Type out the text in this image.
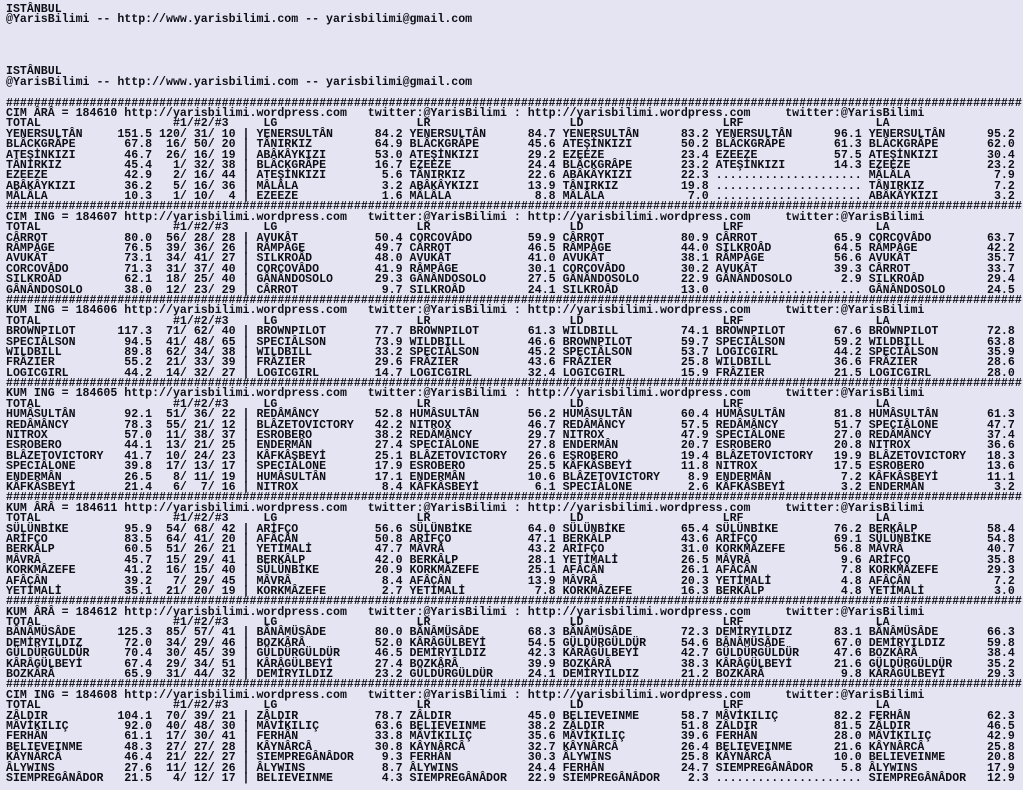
ISTÂNBUL
@YarisBilimi -- http://www.yarisbilimi.com -- yarisbilimi@gmail.com
ISTÂNBUL
@YarisBilimi -- http://www.yarisbilimi.com -- yarisbilimi@gmail.com
##################################################################################################################################################
CIM ÂRÂ = 184610 http://yarisbilimi.wordpress.com   twitter:@YarisBilimi : http://yarisbilimi.wordpress.com     twitter:@YarisBilimi
TOTAL                   #1/#2/#3     LG                    LR                    LD                    LRF                   LA
YENERSULTÂN     151.5 120/ 31/ 10 | YENERSULTÂN      84.2 YENERSULTÂN      84.7 YENERSULTÂN      83.2 YENERSULTÂN      96.1 YENERSULTÂN      95.2
BLÂCKGRÂPE       67.8  16/ 50/ 20 | TÂNIRKIZ         64.9 BLÂCKGRÂPE       45.6 ATEŞİNKIZI       50.2 BLÂCKGRÂPE       61.3 BLÂCKGRÂPE       62.0
ATEŞİNKIZI       46.7  26/ 16/ 19 | ABÂKÂYKIZI       53.0 ATEŞİNKIZI       29.2 EZEEZE           23.4 EZEEZE           57.5 ATEŞİNKIZI       30.4
TÂNIRKIZ         45.4   1/ 32/ 38 | BLÂCKGRÂPE       16.7 EZEEZE           24.4 BLÂCKGRÂPE       23.2 ATEŞİNKIZI       14.3 EZEEZE           23.2
EZEEZE           42.9   2/ 16/ 44 | ATEŞİNKIZI        5.6 TÂNIRKIZ         22.6 ABÂKÂYKIZI       22.3 ..................... MÂLÂLA            7.9
ABÂKÂYKIZI       36.2   5/ 16/ 36 | MÂLÂLA            3.2 ABÂKÂYKIZI       13.9 TÂNIRKIZ         19.8 ..................... TÂNIRKIZ          7.2
MÂLÂLA           10.3   1/ 10/  4 | EZEEZE            1.6 MÂLÂLA            8.8 MÂLÂLA            7.0 ..................... ABÂKÂYKIZI        3.2
##################################################################################################################################################
CIM ING = 184607 http://yarisbilimi.wordpress.com   twitter:@YarisBilimi : http://yarisbilimi.wordpress.com     twitter:@YarisBilimi
TOTAL                   #1/#2/#3     LG                    LR                    LD                    LRF                   LA
CÂRROT           80.0  56/ 28/ 28 | AVUKÂT           50.4 CORCOVÂDO        59.9 CÂRROT           80.9 CÂRROT           65.9 CORCOVÂDO        63.7
RÂMPÂGE          76.5  39/ 36/ 26 | RÂMPÂGE          49.7 CÂRROT           46.5 RÂMPÂGE          44.0 SILKROÂD         64.5 RÂMPÂGE          42.2
AVUKÂT           73.1  34/ 41/ 27 | SILKROÂD         48.0 AVUKÂT           41.0 AVUKÂT           38.1 RÂMPÂGE          56.6 AVUKÂT           35.7
CORCOVÂDO        71.3  31/ 37/ 40 | CORCOVÂDO        41.9 RÂMPÂGE          30.1 CORCOVÂDO        30.2 AVUKÂT           39.3 CÂRROT           33.7
SILKROÂD         62.1  18/ 25/ 40 | GÂNÂNDOSOLO      29.3 GÂNÂNDOSOLO      27.5 GÂNÂNDOSOLO      22.9 GÂNÂNDOSOLO       2.9 SILKROÂD         29.4
GÂNÂNDOSOLO      38.0  12/ 23/ 29 | CÂRROT            9.7 SILKROÂD         24.1 SILKROÂD         13.0 ..................... GÂNÂNDOSOLO      24.5
##################################################################################################################################################
KUM ING = 184606 http://yarisbilimi.wordpress.com   twitter:@YarisBilimi : http://yarisbilimi.wordpress.com     twitter:@YarisBilimi
TOTAL                   #1/#2/#3     LG                    LR                    LD                    LRF                   LA
BROWNPILOT      117.3  71/ 62/ 40 | BROWNPILOT       77.7 BROWNPILOT       61.3 WILDBILL         74.1 BROWNPILOT       67.6 BROWNPILOT       72.8
SPECIÂLSON       94.5  41/ 48/ 65 | SPECIÂLSON       73.9 WILDBILL         46.6 BROWNPILOT       59.7 SPECIÂLSON       59.2 WILDBILL         63.8
WILDBILL         89.8  62/ 34/ 38 | WILDBILL         33.2 SPECIÂLSON       45.2 SPECIÂLSON       53.7 LOGICGIRL        44.2 SPECIÂLSON       35.9
FRÂZIER          55.2  21/ 33/ 39 | FRÂZIER          29.6 FRÂZIER          43.6 FRÂZIER          25.8 WILDBILL         36.6 FRÂZIER          28.6
LOGICGIRL        44.2  14/ 32/ 27 | LOGICGIRL        14.7 LOGICGIRL        32.4 LOGICGIRL        15.9 FRÂZIER          21.5 LOGICGIRL        28.0
##################################################################################################################################################
KUM ING = 184605 http://yarisbilimi.wordpress.com   twitter:@YarisBilimi : http://yarisbilimi.wordpress.com     twitter:@YarisBilimi
TOTAL                   #1/#2/#3     LG                    LR                    LD                    LRF                   LA
HUMÂSULTÂN       92.1  51/ 36/ 22 | REDÂMÂNCY        52.8 HUMÂSULTÂN       56.2 HUMÂSULTÂN       60.4 HUMÂSULTÂN       81.8 HUMÂSULTÂN       61.3
REDÂMÂNCY        78.3  55/ 21/ 12 | BLÂZETOVICTORY   42.2 NITROX           46.7 REDÂMÂNCY        57.5 REDÂMÂNCY        51.7 SPECIÂLONE       47.7
NITROX           57.0  11/ 38/ 37 | ESROBERO         38.2 REDÂMÂNCY        29.7 NITROX           47.9 SPECIÂLONE       27.0 REDÂMÂNCY        37.4
ESROBERO         44.1  13/ 21/ 25 | ENDERMÂN         27.4 SPECIÂLONE       27.8 ENDERMÂN         20.7 ESROBERO         20.8 NITROX           36.6
BLÂZETOVICTORY   41.7  10/ 24/ 23 | KÂFKÂSBEYİ       25.1 BLÂZETOVICTORY   26.6 ESROBERO         19.4 BLÂZETOVICTORY   19.9 BLÂZETOVICTORY   18.3
SPECIÂLONE       39.8  17/ 13/ 17 | SPECIÂLONE       17.9 ESROBERO         25.5 KÂFKÂSBEYİ       11.8 NITROX           17.5 ESROBERO         13.6
ENDERMÂN         26.5   8/ 11/ 19 | HUMÂSULTÂN       17.1 ENDERMÂN         10.6 BLÂZETOVICTORY    8.9 ENDERMÂN          7.2 KÂFKÂSBEYİ       11.1
KÂFKÂSBEYİ       21.4   6/  7/ 16 | NITROX            8.4 KÂFKÂSBEYİ        6.1 SPECIÂLONE        2.6 KÂFKÂSBEYİ        3.2 ENDERMÂN          3.2
##################################################################################################################################################
KUM ÂRÂ = 184611 http://yarisbilimi.wordpress.com   twitter:@YarisBilimi : http://yarisbilimi.wordpress.com     twitter:@YarisBilimi
TOTAL                   #1/#2/#3     LG                    LR                    LD                    LRF                   LA
SÜLÜNBİKE        95.9  54/ 68/ 42 | ARİFÇO           56.6 SÜLÜNBİKE        64.0 SÜLÜNBİKE        65.4 SÜLÜNBİKE        76.2 BERKÂLP          58.4
ARİFÇO           83.5  64/ 41/ 20 | AFÂCÂN           50.8 ARİFÇO           47.1 BERKÂLP          43.6 ARİFÇO           69.1 SÜLÜNBİKE        54.8
BERKÂLP          60.5  51/ 26/ 21 | YETİMALİ         47.7 MÂVRÂ            43.2 ARİFÇO           31.0 KORKMÂZEFE       56.8 MÂVRÂ            40.7
MÂVRÂ            45.7  15/ 29/ 41 | BERKÂLP          42.0 BERKÂLP          28.1 YETİMALİ         26.5 MÂVRÂ             9.6 ARİFÇO           35.8
KORKMÂZEFE       41.2  16/ 15/ 40 | SÜLÜNBİKE        20.9 KORKMÂZEFE       25.1 AFÂCÂN           26.1 AFÂCÂN            7.8 KORKMÂZEFE       29.3
AFÂCÂN           39.2   7/ 29/ 45 | MÂVRÂ             8.4 AFÂCÂN           13.9 MÂVRÂ            20.3 YETİMALİ          4.8 AFÂCÂN            7.2
YETİMALİ         35.1  21/ 20/ 19 | KORKMÂZEFE        2.7 YETİMALİ          7.8 KORKMÂZEFE       16.3 BERKÂLP           4.8 YETİMALİ          3.0
##################################################################################################################################################
KUM ÂRÂ = 184612 http://yarisbilimi.wordpress.com   twitter:@YarisBilimi : http://yarisbilimi.wordpress.com     twitter:@YarisBilimi
TOTAL                   #1/#2/#3     LG                    LR                    LD                    LRF                   LA
BÂNÂMÜSÂDE      125.3  85/ 57/ 41 | BÂNÂMÜSÂDE       80.0 BÂNÂMÜSÂDE       68.3 BÂNÂMÜSÂDE       72.3 DEMİRYILDIZ      83.1 BÂNÂMÜSÂDE       66.3
DEMİRYILDIZ      72.0  34/ 29/ 46 | BOZKÂRÂ          52.0 KÂRÂGÜLBEYİ      54.5 GÜLDÜRGÜLDÜR     54.6 BÂNÂMÜSÂDE       67.0 DEMİRYILDIZ      59.8
GÜLDÜRGÜLDÜR     70.4  30/ 45/ 39 | GÜLDÜRGÜLDÜR     46.5 DEMİRYILDIZ      42.3 KÂRÂGÜLBEYİ      42.7 GÜLDÜRGÜLDÜR     47.6 BOZKÂRÂ          38.4
KÂRÂGÜLBEYİ      67.4  29/ 34/ 51 | KÂRÂGÜLBEYİ      27.4 BOZKÂRÂ          39.9 BOZKÂRÂ          38.3 KÂRÂGÜLBEYİ      21.6 GÜLDÜRGÜLDÜR     35.2
BOZKÂRÂ          65.9  31/ 44/ 32 | DEMİRYILDIZ      23.2 GÜLDÜRGÜLDÜR     24.1 DEMİRYILDIZ      21.2 BOZKÂRÂ           9.8 KÂRÂGÜLBEYİ      29.3
##################################################################################################################################################
CIM ING = 184608 http://yarisbilimi.wordpress.com   twitter:@YarisBilimi : http://yarisbilimi.wordpress.com     twitter:@YarisBilimi
TOTAL                   #1/#2/#3     LG                    LR                    LD                    LRF                   LA
ZÂLDIR          104.1  70/ 39/ 21 | ZÂLDIR           78.7 ZÂLDIR           45.0 BELIEVEINME      58.7 MÂVİKILIÇ        82.2 FERHÂN           62.3
MÂVİKILIÇ        92.0  40/ 48/ 30 | MÂVİKILIÇ        63.6 BELIEVEINME      38.2 ZÂLDIR           51.8 ZÂLDIR           81.5 ZÂLDIR           46.5
FERHÂN           61.1  17/ 30/ 41 | FERHÂN           33.8 MÂVİKILIÇ        35.6 MÂVİKILIÇ        39.6 FERHÂN           28.0 MÂVİKILIÇ        42.9
BELIEVEINME      48.3  27/ 27/ 28 | KÂYNÂRCÂ         30.8 KÂYNÂRCÂ         32.7 KÂYNÂRCÂ         26.4 BELIEVEINME      21.6 KÂYNÂRCÂ         25.8
KÂYNÂRCÂ         46.4  21/ 22/ 27 | SIEMPREGÂNÂDOR    9.3 FERHÂN           30.3 ÂLYWINS          25.8 KÂYNÂRCÂ         10.0 BELIEVEINME      20.8
ÂLYWINS          27.6  11/ 12/ 26 | ÂLYWINS           8.7 ÂLYWINS          24.4 FERHÂN           24.7 SIEMPREGÂNÂDOR    5.8 ÂLYWINS          17.9
SIEMPREGÂNÂDOR   21.5   4/ 12/ 17 | BELIEVEINME       4.3 SIEMPREGÂNÂDOR   22.9 SIEMPREGÂNÂDOR    2.3 ..................... SIEMPREGÂNÂDOR   12.9
